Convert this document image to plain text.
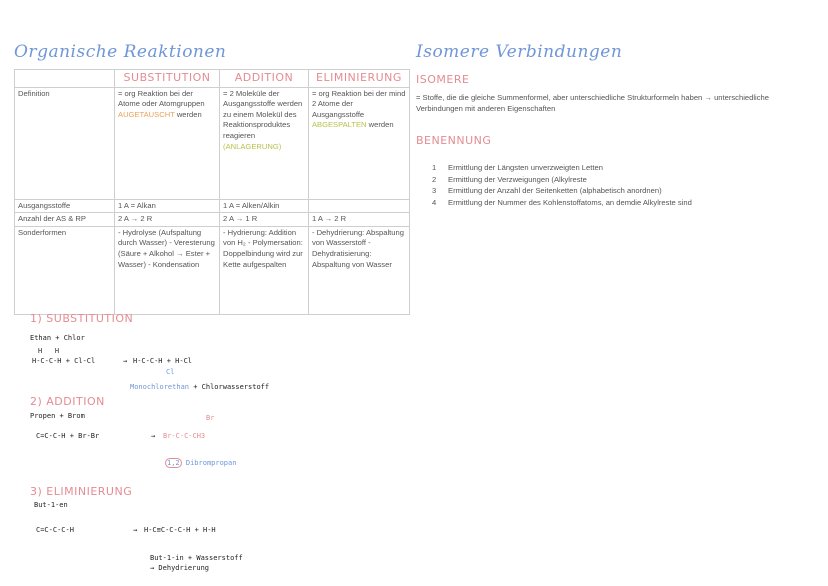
Organische Reaktionen	Isomere Verbindungen
	SUBSTITUTION	ADDITION	ELIMINIERUNG
Definition	= org Reaktion bei der Atome oder Atomgruppen AUGETAUSCHT werden	= 2 Moleküle der Ausgangsstoffe werden zu einem Molekül des Reaktionsproduktes reagieren (ANLAGERUNG)	= org Reaktion bei der mind 2 Atome der Ausgangsstoffe ABGESPALTEN werden
Ausgangsstoffe	1 A = Alkan	1 A = Alken/Alkin	
Anzahl der AS & RP	2 A → 2 R	2 A → 1 R	1 A → 2 R
Sonderformen	- Hydrolyse (Aufspaltung durch Wasser) - Veresterung (Säure + Alkohol → Ester + Wasser) - Kondensation	- Hydrierung: Addition von H₂ - Polymersation: Doppelbindung wird zur Kette aufgespalten	- Dehydrierung: Abspaltung von Wasserstoff - Dehydratisierung: Abspaltung von Wasser
ISOMERE
= Stoffe, die die gleiche Summenformel, aber unterschiedliche Strukturformeln haben → unterschiedliche Verbindungen mit anderen Eigenschaften
BENENNUNG
1	Ermittlung der Längsten unverzweigten Letten
2	Ermittlung der Verzweigungen (Alkylreste
3	Ermittlung der Anzahl der Seitenketten (alphabetisch anordnen)
4	Ermittlung der Nummer des Kohlenstoffatoms, an demdie Alkylreste sind
1) SUBSTITUTION
Ethan + Chlor
H   H
H-C-C-H + Cl-Cl	→ H-C-C-H + H-Cl
Cl
Monochlorethan + Chlorwasserstoff
2) ADDITION
Propen + Brom
C=C-C-H + Br-Br	→ Br-C-C-CH3
Br
1,2 Dibrompropan
3) ELIMINIERUNG
But-1-en
C=C-C-C-H	→ H-C≡C-C-C-H + H-H
But-1-in + Wasserstoff
→ Dehydrierung
